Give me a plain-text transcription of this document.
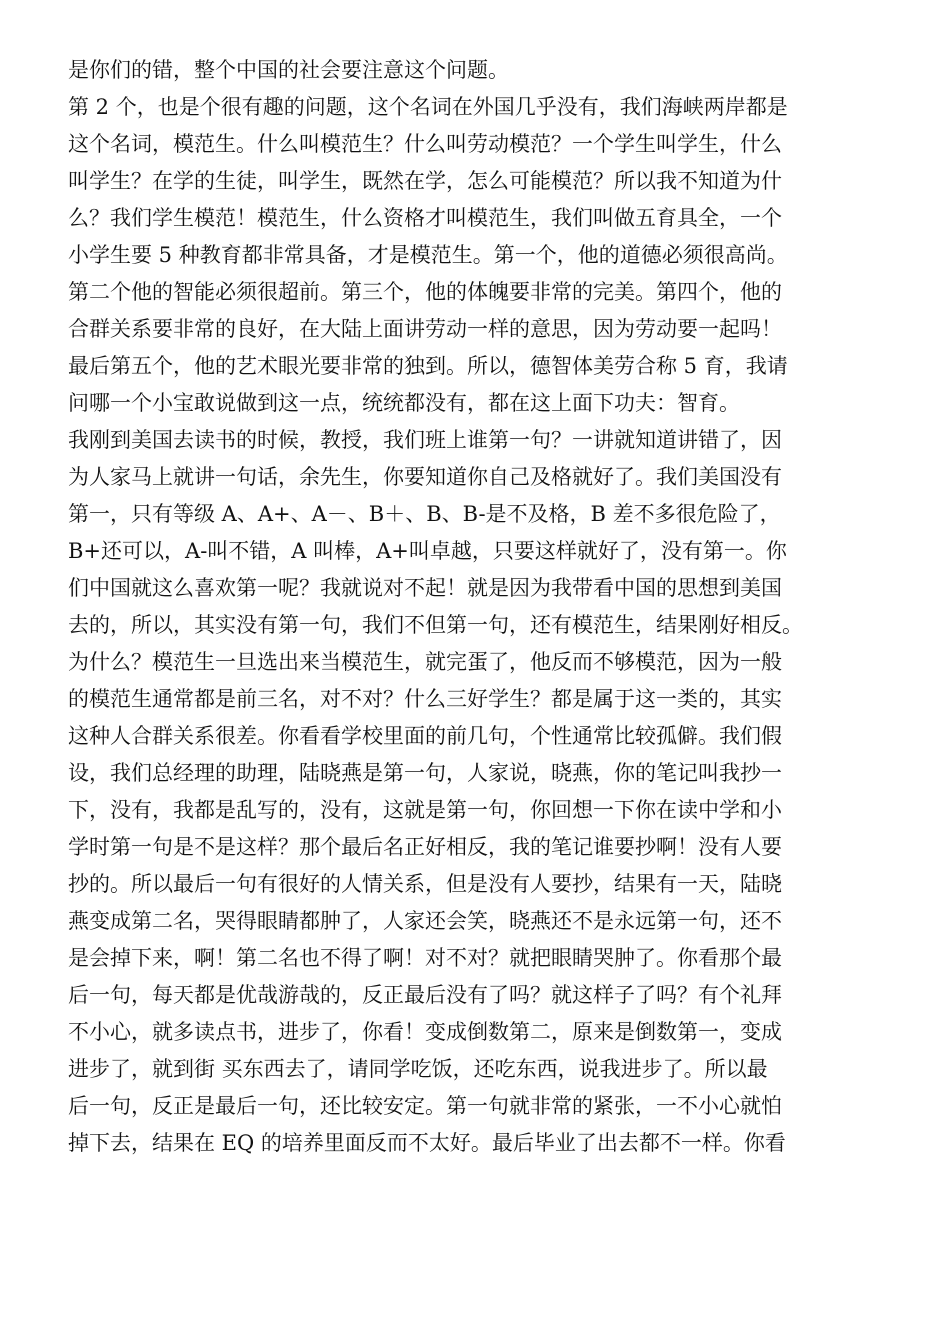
是你们的错，整个中国的社会要注意这个问题。
第 2 个，也是个很有趣的问题，这个名词在外国几乎没有，我们海峡两岸都是
这个名词，模范生。什么叫模范生？什么叫劳动模范？一个学生叫学生，什么
叫学生？在学的生徒，叫学生，既然在学，怎么可能模范？所以我不知道为什
么？我们学生模范！模范生，什么资格才叫模范生，我们叫做五育具全，一个
小学生要 5 种教育都非常具备，才是模范生。第一个，他的道德必须很高尚。
第二个他的智能必须很超前。第三个，他的体魄要非常的完美。第四个，他的
合群关系要非常的良好，在大陆上面讲劳动一样的意思，因为劳动要一起吗！
最后第五个，他的艺术眼光要非常的独到。所以，德智体美劳合称 5 育，我请
问哪一个小宝敢说做到这一点，统统都没有，都在这上面下功夫：智育。
我刚到美国去读书的时候，教授，我们班上谁第一句？一讲就知道讲错了，因
为人家马上就讲一句话，余先生，你要知道你自己及格就好了。我们美国没有
第一，只有等级 A、A+、A－、B＋、B、B-是不及格，B 差不多很危险了，
B+还可以，A-叫不错，A 叫棒，A+叫卓越，只要这样就好了，没有第一。你
们中国就这么喜欢第一呢？我就说对不起！就是因为我带看中国的思想到美国
去的，所以，其实没有第一句，我们不但第一句，还有模范生，结果刚好相反。
为什么？模范生一旦选出来当模范生，就完蛋了，他反而不够模范，因为一般
的模范生通常都是前三名，对不对？什么三好学生？都是属于这一类的，其实
这种人合群关系很差。你看看学校里面的前几句，个性通常比较孤僻。我们假
设，我们总经理的助理，陆晓燕是第一句，人家说，晓燕，你的笔记叫我抄一
下，没有，我都是乱写的，没有，这就是第一句，你回想一下你在读中学和小
学时第一句是不是这样？那个最后名正好相反，我的笔记谁要抄啊！没有人要
抄的。所以最后一句有很好的人情关系，但是没有人要抄，结果有一天，陆晓
燕变成第二名，哭得眼睛都肿了，人家还会笑，晓燕还不是永远第一句，还不
是会掉下来，啊！第二名也不得了啊！对不对？就把眼睛哭肿了。你看那个最
后一句，每天都是优哉游哉的，反正最后没有了吗？就这样子了吗？有个礼拜
不小心，就多读点书，进步了，你看！变成倒数第二，原来是倒数第一，变成
进步了，就到街 买东西去了，请同学吃饭，还吃东西，说我进步了。所以最
后一句，反正是最后一句，还比较安定。第一句就非常的紧张，一不小心就怕
掉下去，结果在 EQ 的培养里面反而不太好。最后毕业了出去都不一样。你看
